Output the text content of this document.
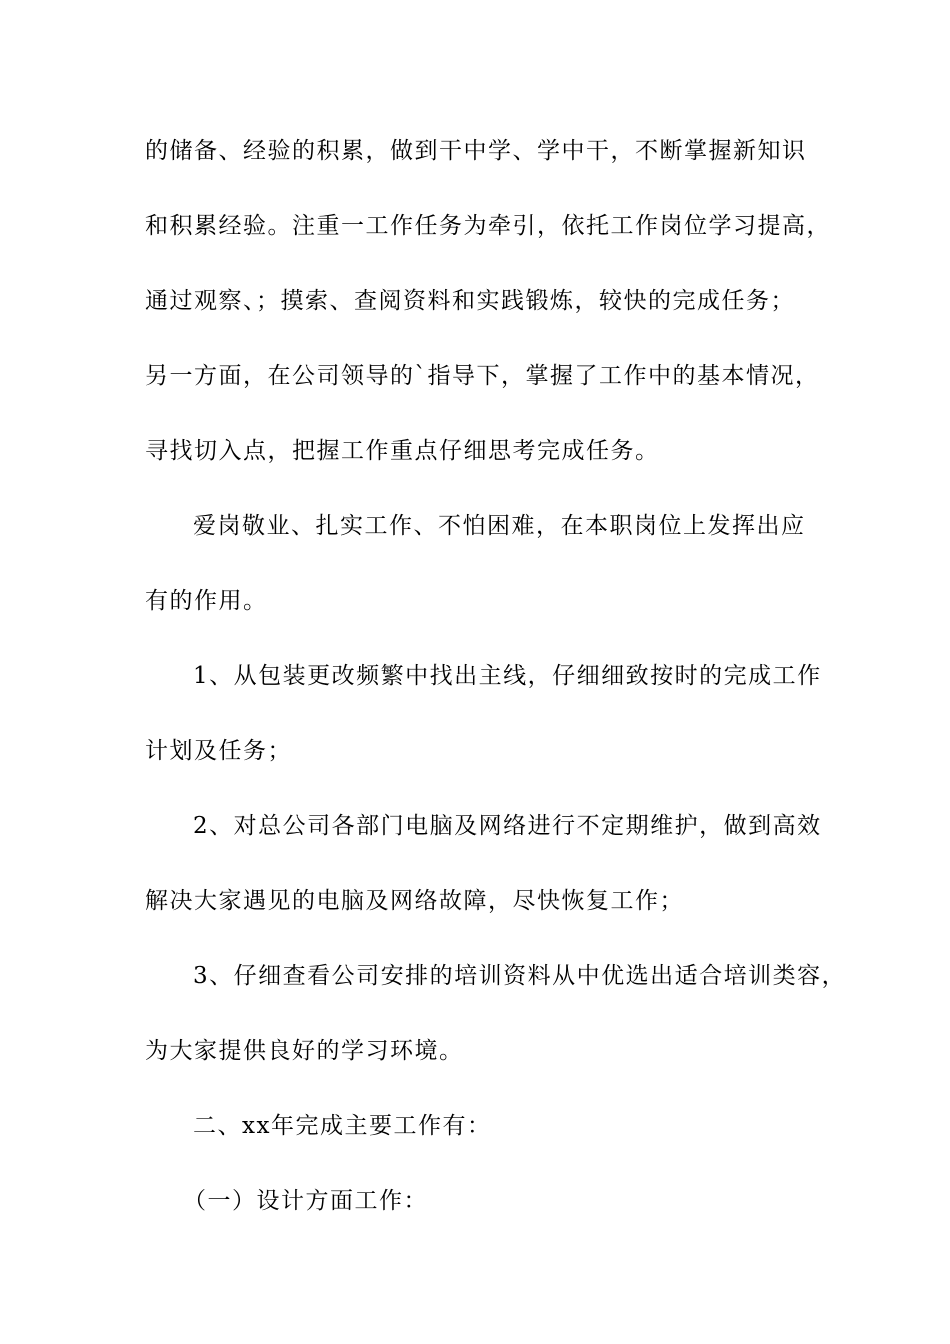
的储备、经验的积累，做到干中学、学中干，不断掌握新知识
和积累经验。注重一工作任务为牵引，依托工作岗位学习提高，
通过观察、；摸索、查阅资料和实践锻炼，较快的完成任务；
另一方面，在公司领导的`指导下，掌握了工作中的基本情况，
寻找切入点，把握工作重点仔细思考完成任务。
爱岗敬业、扎实工作、不怕困难，在本职岗位上发挥出应
有的作用。
1、从包装更改频繁中找出主线，仔细细致按时的完成工作
计划及任务；
2、对总公司各部门电脑及网络进行不定期维护，做到高效
解决大家遇见的电脑及网络故障，尽快恢复工作；
3、仔细查看公司安排的培训资料从中优选出适合培训类容，
为大家提供良好的学习环境。
二、xx年完成主要工作有：
（一）设计方面工作：
